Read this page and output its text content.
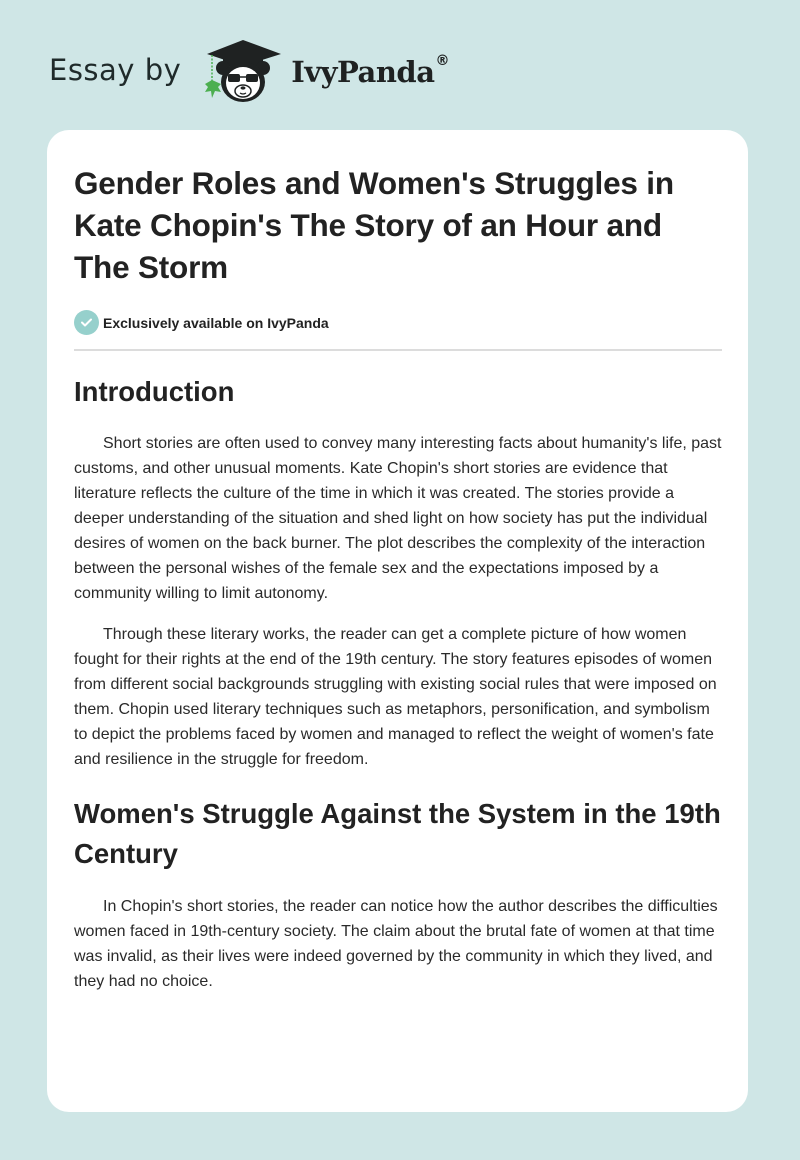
Essay by	IvyPanda®
Gender Roles and Women's Struggles in Kate Chopin's The Story of an Hour and The Storm
Exclusively available on IvyPanda
Introduction

Short stories are often used to convey many interesting facts about humanity's life, past customs, and other unusual moments. Kate Chopin's short stories are evidence that literature reflects the culture of the time in which it was created. The stories provide a deeper understanding of the situation and shed light on how society has put the individual desires of women on the back burner. The plot describes the complexity of the interaction between the personal wishes of the female sex and the expectations imposed by a community willing to limit autonomy.

Through these literary works, the reader can get a complete picture of how women fought for their rights at the end of the 19th century. The story features episodes of women from different social backgrounds struggling with existing social rules that were imposed on them. Chopin used literary techniques such as metaphors, personification, and symbolism to depict the problems faced by women and managed to reflect the weight of women's fate and resilience in the struggle for freedom.

Women's Struggle Against the System in the 19th Century

In Chopin's short stories, the reader can notice how the author describes the difficulties women faced in 19th-century society. The claim about the brutal fate of women at that time was invalid, as their lives were indeed governed by the community in which they lived, and they had no choice.
